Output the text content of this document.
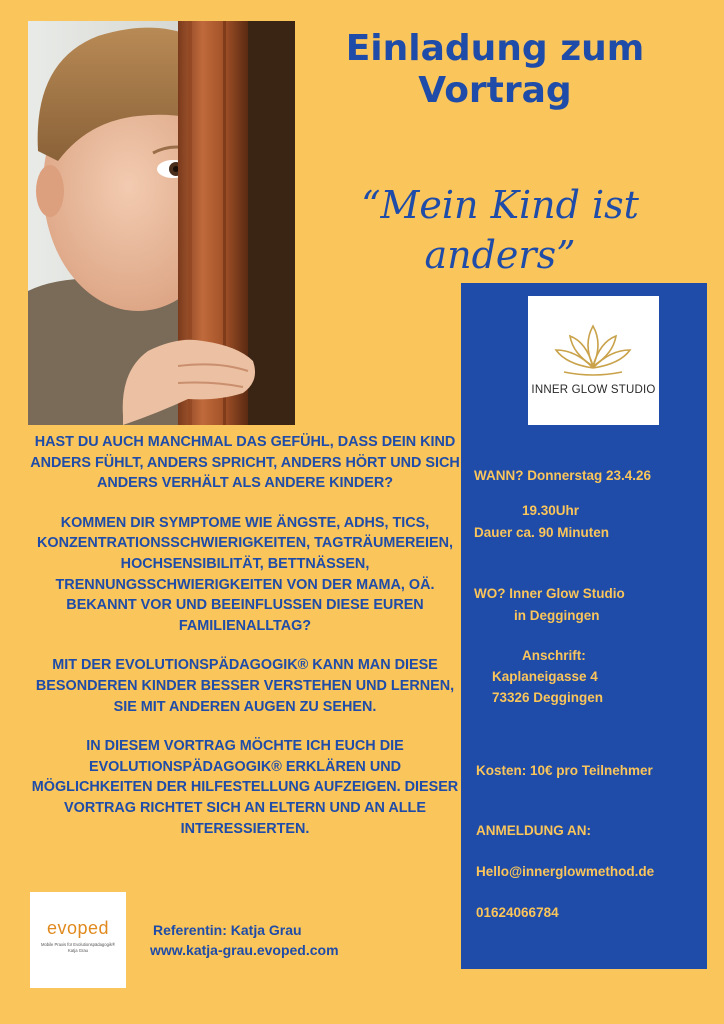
Einladung zum
Vortrag
“Mein Kind ist anders”

HAST DU AUCH MANCHMAL DAS GEFÜHL, DASS DEIN KIND ANDERS FÜHLT, ANDERS SPRICHT, ANDERS HÖRT UND SICH ANDERS VERHÄLT ALS ANDERE KINDER?

KOMMEN DIR SYMPTOME WIE ÄNGSTE, ADHS, TICS, KONZENTRATIONSSCHWIERIGKEITEN, TAGTRÄUMEREIEN, HOCHSENSIBILITÄT, BETTNÄSSEN, TRENNUNGSSCHWIERIGKEITEN VON DER MAMA, OÄ. BEKANNT VOR UND BEEINFLUSSEN DIESE EUREN FAMILIENALLTAG?

MIT DER EVOLUTIONSPÄDAGOGIK® KANN MAN DIESE BESONDEREN KINDER BESSER VERSTEHEN UND LERNEN, SIE MIT ANDEREN AUGEN ZU SEHEN.

IN DIESEM VORTRAG MÖCHTE ICH EUCH DIE EVOLUTIONSPÄDAGOGIK® ERKLÄREN UND MÖGLICHKEITEN DER HILFESTELLUNG AUFZEIGEN. DIESER VORTRAG RICHTET SICH AN ELTERN UND AN ALLE INTERESSIERTEN.

INNER GLOW STUDIO
WANN? Donnerstag 23.4.26
19.30Uhr
Dauer ca. 90 Minuten
WO? Inner Glow Studio
in Deggingen
Anschrift:
Kaplaneigasse 4
73326 Deggingen
Kosten: 10€ pro Teilnehmer
ANMELDUNG AN:
Hello@innerglowmethod.de
01624066784
evoped
Mobile Praxis für Evolutionspädagogik®
Katja Grau
Referentin: Katja Grau
www.katja-grau.evoped.com
